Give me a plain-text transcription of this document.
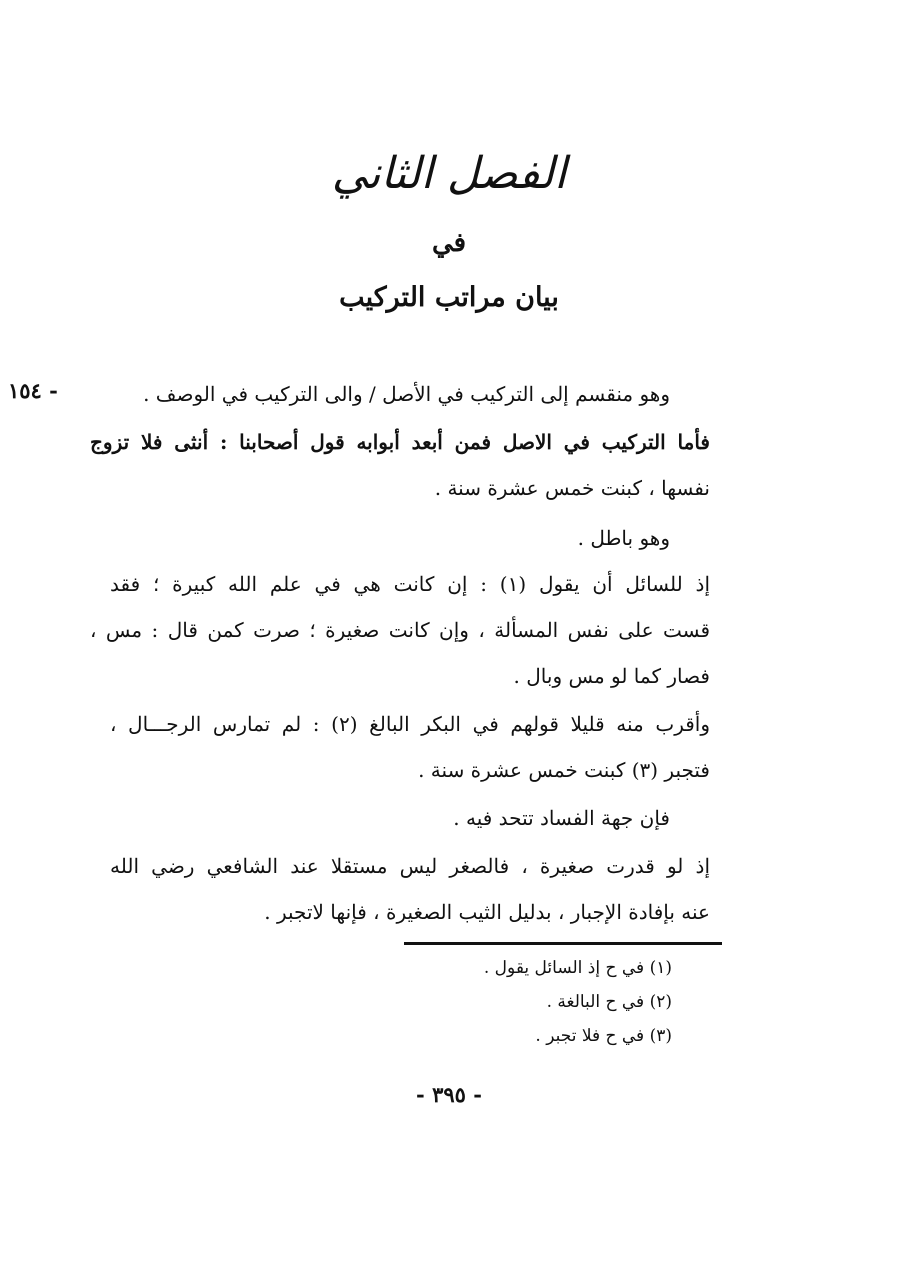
الفصل الثاني
في
بيان مراتب التركيب
١٥٤ -	وهو منقسم إلى التركيب في الأصل / والى التركيب في الوصف .
فأما التركيب في الاصل فمن أبعد أبوابه قول أصحابنا : أنثى فلا تزوج
نفسها ، كبنت خمس عشرة سنة .
وهو باطل .
إذ للسائل أن يقول (١) : إن كانت هي في علم الله كبيرة ؛ فقد
قست على نفس المسألة ، وإن كانت صغيرة ؛ صرت كمن قال : مس ،
فصار كما لو مس وبال .
وأقرب منه قليلا قولهم في البكر البالغ (٢) : لم تمارس الرجـــال ،
فتجبر (٣) كبنت خمس عشرة سنة .
فإن جهة الفساد تتحد فيه .
إذ لو قدرت صغيرة ، فالصغر ليس مستقلا عند الشافعي رضي الله
عنه بإفادة الإجبار ، بدليل الثيب الصغيرة ، فإنها لاتجبر .
(١) في ح إذ السائل يقول .
(٢) في ح البالغة .
(٣) في ح فلا تجبر .
- ٣٩٥ -
